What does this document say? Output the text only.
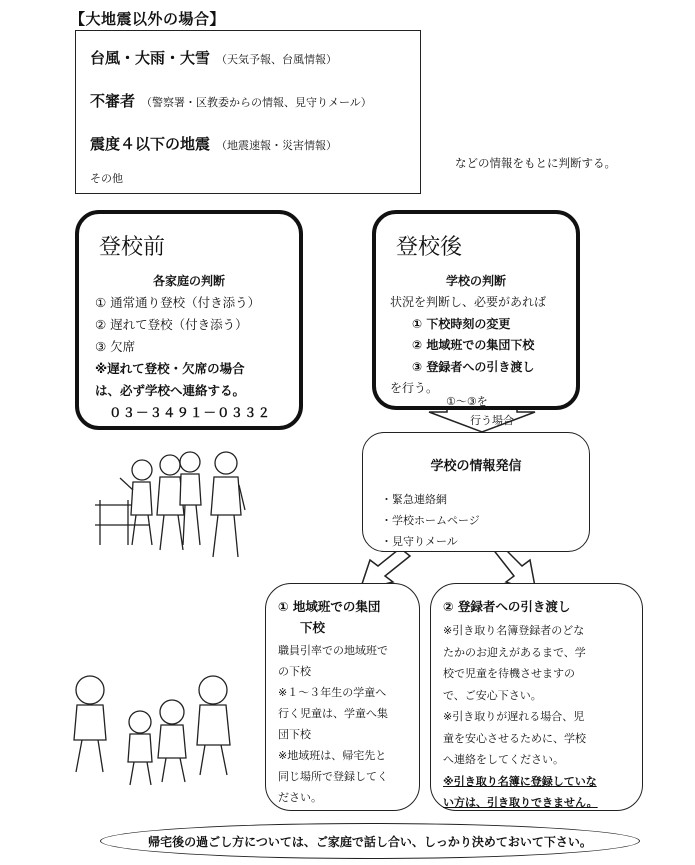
【大地震以外の場合】
台風・大雨・大雪 （天気予報、台風情報）
不審者 （警察署・区教委からの情報、見守りメール）
震度４以下の地震 （地震速報・災害情報）
その他
などの情報をもとに判断する。
登校前
各家庭の判断
① 通常通り登校（付き添う）
② 遅れて登校（付き添う）
③ 欠席
※遅れて登校・欠席の場合
は、必ず学校へ連絡する。
０３－３４９１－０３３２
登校後
学校の判断
状況を判断し、必要があれば
① 下校時刻の変更
② 地域班での集団下校
③ 登録者への引き渡し
を行う。
①～③を
行う場合
学校の情報発信
・緊急連絡網
・学校ホームページ
・見守りメール
① 地域班での集団
下校
職員引率での地域班で
の下校
※１～３年生の学童へ
行く児童は、学童へ集
団下校
※地域班は、帰宅先と
同じ場所で登録してく
ださい。
② 登録者への引き渡し
※引き取り名簿登録者のどな
たかのお迎えがあるまで、学
校で児童を待機させますの
で、ご安心下さい。
※引き取りが遅れる場合、児
童を安心させるために、学校
へ連絡をしてください。
※引き取り名簿に登録していな
い方は、引き取りできません。
帰宅後の過ごし方については、ご家庭で話し合い、しっかり決めておいて下さい。
